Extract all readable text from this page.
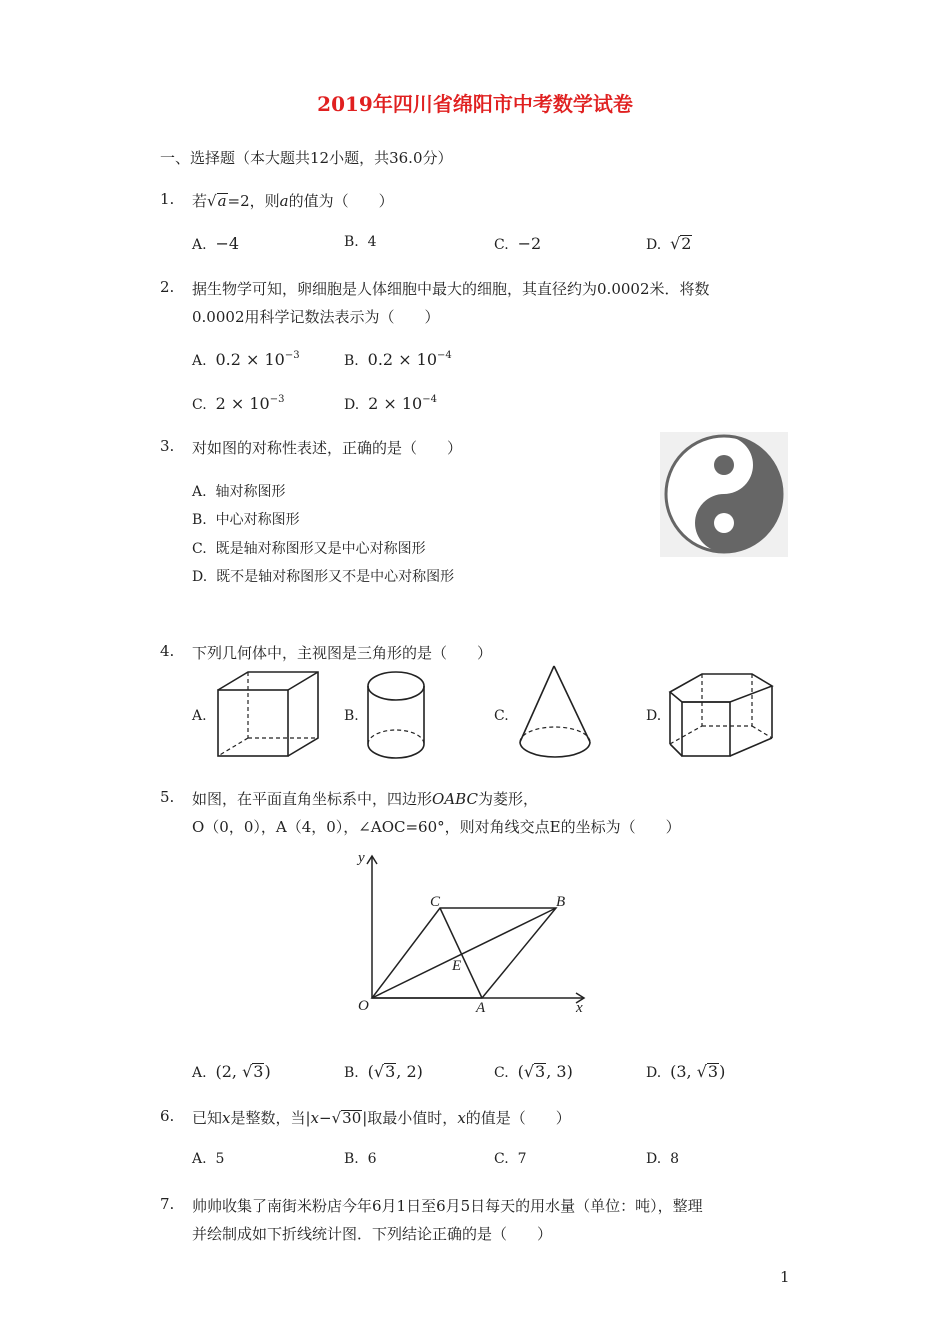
2019年四川省绵阳市中考数学试卷
一、选择题（本大题共12小题，共36.0分）
1. 若√a=2，则a的值为（　　）
A. −4	B. 4	C. −2	D. √2
2. 据生物学可知，卵细胞是人体细胞中最大的细胞，其直径约为0.0002米．将数
0.0002用科学记数法表示为（　　）
A. $0.2 \times 10^{-3}$	B. $0.2 \times 10^{-4}$
C. $2 \times 10^{-3}$	D. $2 \times 10^{-4}$
3. 对如图的对称性表述，正确的是（　　）
A. 轴对称图形
B. 中心对称图形
C. 既是轴对称图形又是中心对称图形
D. 既不是轴对称图形又不是中心对称图形
4. 下列几何体中，主视图是三角形的是（　　）
A.	B.	C.	D.
5. 如图，在平面直角坐标系中，四边形OABC为菱形，
O（0，0），A（4，0），∠AOC=60°，则对角线交点E的坐标为（　　）
y
x
O	A
B
C
E
A. (2, √3)	B. (√3, 2)	C. (√3, 3)	D. (3, √3)
6. 已知x是整数，当|x−√30|取最小值时，x的值是（　　）
A. 5	B. 6	C. 7	D. 8
7. 帅帅收集了南街米粉店今年6月1日至6月5日每天的用水量（单位：吨），整理
并绘制成如下折线统计图．下列结论正确的是（　　）
1
